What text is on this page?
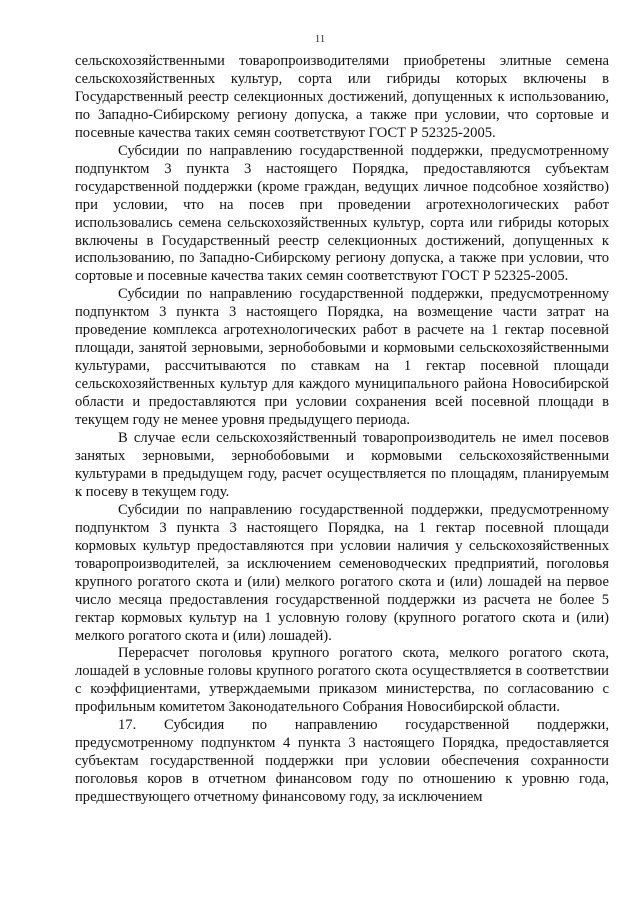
11

сельскохозяйственными товаропроизводителями приобретены элитные семена сельскохозяйственных культур, сорта или гибриды которых включены в Государственный реестр селекционных достижений, допущенных к использованию, по Западно-Сибирскому региону допуска, а также при условии, что сортовые и посевные качества таких семян соответствуют ГОСТ Р 52325-2005.

Субсидии по направлению государственной поддержки, предусмотренному подпунктом 3 пункта 3 настоящего Порядка, предоставляются субъектам государственной поддержки (кроме граждан, ведущих личное подсобное хозяйство) при условии, что на посев при проведении агротехнологических работ использовались семена сельскохозяйственных культур, сорта или гибриды которых включены в Государственный реестр селекционных достижений, допущенных к использованию, по Западно-Сибирскому региону допуска, а также при условии, что сортовые и посевные качества таких семян соответствуют ГОСТ Р 52325-2005.

Субсидии по направлению государственной поддержки, предусмотренному подпунктом 3 пункта 3 настоящего Порядка, на возмещение части затрат на проведение комплекса агротехнологических работ в расчете на 1 гектар посевной площади, занятой зерновыми, зернобобовыми и кормовыми сельскохозяйственными культурами, рассчитываются по ставкам на 1 гектар посевной площади сельскохозяйственных культур для каждого муниципального района Новосибирской области и предоставляются при условии сохранения всей посевной площади в текущем году не менее уровня предыдущего периода.

В случае если сельскохозяйственный товаропроизводитель не имел посевов занятых зерновыми, зернобобовыми и кормовыми сельскохозяйственными культурами в предыдущем году, расчет осуществляется по площадям, планируемым к посеву в текущем году.

Субсидии по направлению государственной поддержки, предусмотренному подпунктом 3 пункта 3 настоящего Порядка, на 1 гектар посевной площади кормовых культур предоставляются при условии наличия у сельскохозяйственных товаропроизводителей, за исключением семеноводческих предприятий, поголовья крупного рогатого скота и (или) мелкого рогатого скота и (или) лошадей на первое число месяца предоставления государственной поддержки из расчета не более 5 гектар кормовых культур на 1 условную голову (крупного рогатого скота и (или) мелкого рогатого скота и (или) лошадей).

Перерасчет поголовья крупного рогатого скота, мелкого рогатого скота, лошадей в условные головы крупного рогатого скота осуществляется в соответствии с коэффициентами, утверждаемыми приказом министерства, по согласованию с профильным комитетом Законодательного Собрания Новосибирской области.

17. Субсидия по направлению государственной поддержки, предусмотренному подпунктом 4 пункта 3 настоящего Порядка, предоставляется субъектам государственной поддержки при условии обеспечения сохранности поголовья коров в отчетном финансовом году по отношению к уровню года, предшествующего отчетному финансовому году, за исключением
